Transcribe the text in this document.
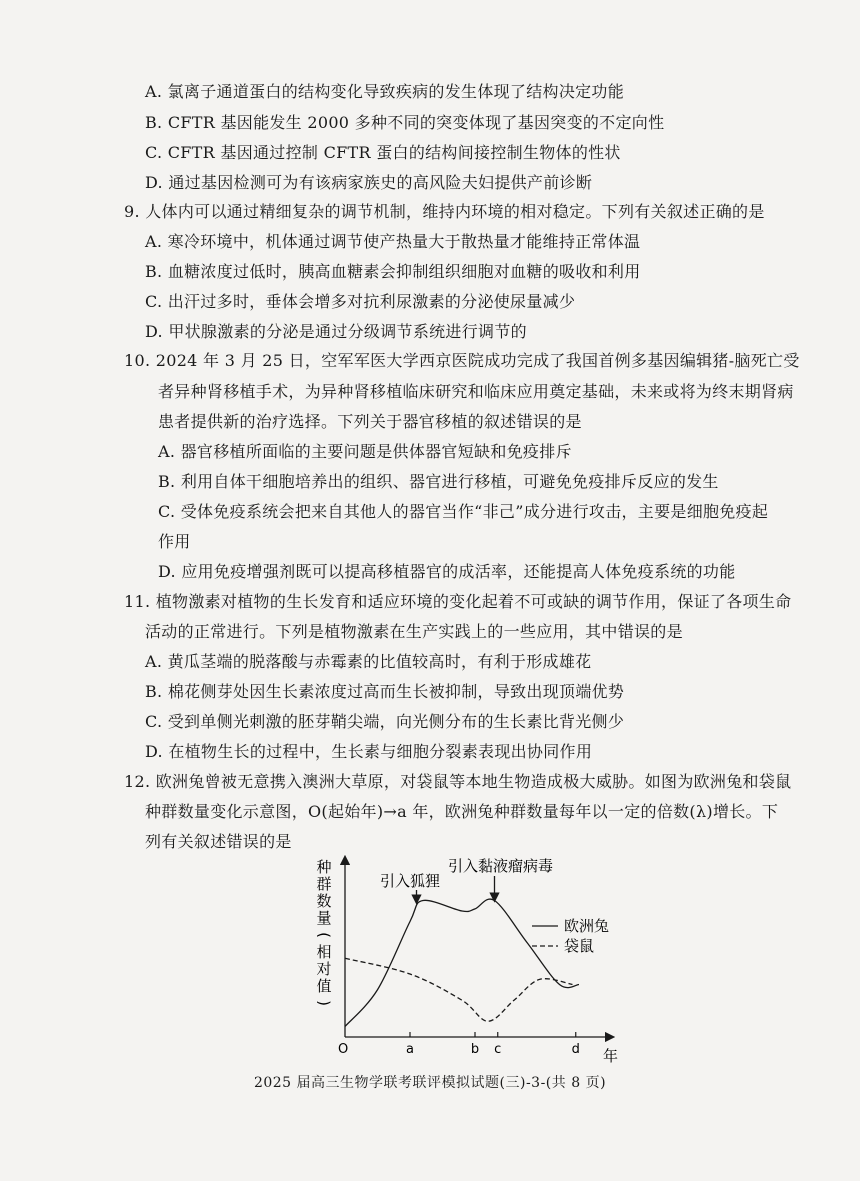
A. 氯离子通道蛋白的结构变化导致疾病的发生体现了结构决定功能
B. CFTR 基因能发生 2000 多种不同的突变体现了基因突变的不定向性
C. CFTR 基因通过控制 CFTR 蛋白的结构间接控制生物体的性状
D. 通过基因检测可为有该病家族史的高风险夫妇提供产前诊断
9. 人体内可以通过精细复杂的调节机制，维持内环境的相对稳定。下列有关叙述正确的是
A. 寒冷环境中，机体通过调节使产热量大于散热量才能维持正常体温
B. 血糖浓度过低时，胰高血糖素会抑制组织细胞对血糖的吸收和利用
C. 出汗过多时，垂体会增多对抗利尿激素的分泌使尿量减少
D. 甲状腺激素的分泌是通过分级调节系统进行调节的
10. 2024 年 3 月 25 日，空军军医大学西京医院成功完成了我国首例多基因编辑猪-脑死亡受
者异种肾移植手术，为异种肾移植临床研究和临床应用奠定基础，未来或将为终末期肾病
患者提供新的治疗选择。下列关于器官移植的叙述错误的是
A. 器官移植所面临的主要问题是供体器官短缺和免疫排斥
B. 利用自体干细胞培养出的组织、器官进行移植，可避免免疫排斥反应的发生
C. 受体免疫系统会把来自其他人的器官当作“非己”成分进行攻击，主要是细胞免疫起
作用
D. 应用免疫增强剂既可以提高移植器官的成活率，还能提高人体免疫系统的功能
11. 植物激素对植物的生长发育和适应环境的变化起着不可或缺的调节作用，保证了各项生命
活动的正常进行。下列是植物激素在生产实践上的一些应用，其中错误的是
A. 黄瓜茎端的脱落酸与赤霉素的比值较高时，有利于形成雄花
B. 棉花侧芽处因生长素浓度过高而生长被抑制，导致出现顶端优势
C. 受到单侧光刺激的胚芽鞘尖端，向光侧分布的生长素比背光侧少
D. 在植物生长的过程中，生长素与细胞分裂素表现出协同作用
12. 欧洲兔曾被无意携入澳洲大草原，对袋鼠等本地生物造成极大威胁。如图为欧洲兔和袋鼠
种群数量变化示意图，O(起始年)→a 年，欧洲兔种群数量每年以一定的倍数(λ)增长。下
列有关叙述错误的是
种
群
数
量
(
相
对
值
)
年
O	a	b c	d
欧洲兔
袋鼠
引入狐狸
引入黏液瘤病毒
2025 届高三生物学联考联评模拟试题(三)-3-(共 8 页)
